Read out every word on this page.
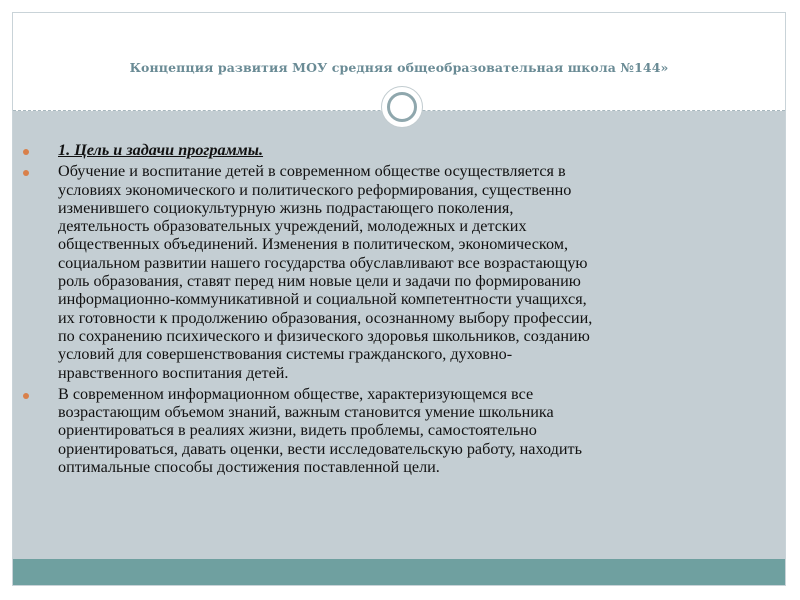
Концепция развития МОУ средняя общеобразовательная школа №144»
1. Цель и задачи программы.
Обучение и воспитание детей в современном обществе осуществляется в
условиях экономического и политического реформирования, существенно
изменившего социокультурную жизнь подрастающего поколения,
деятельность образовательных учреждений, молодежных и детских
общественных объединений. Изменения в политическом, экономическом,
социальном развитии нашего государства обуславливают все возрастающую
роль образования, ставят перед ним новые цели и задачи по формированию
информационно-коммуникативной и социальной компетентности учащихся,
их готовности к продолжению образования, осознанному выбору профессии,
по сохранению психического и физического здоровья школьников, созданию
условий для совершенствования системы гражданского, духовно-
нравственного воспитания детей.
В современном информационном обществе, характеризующемся все
возрастающим объемом знаний, важным становится умение школьника
ориентироваться в реалиях жизни, видеть проблемы, самостоятельно
ориентироваться, давать оценки, вести исследовательскую работу, находить
оптимальные способы достижения поставленной цели.
